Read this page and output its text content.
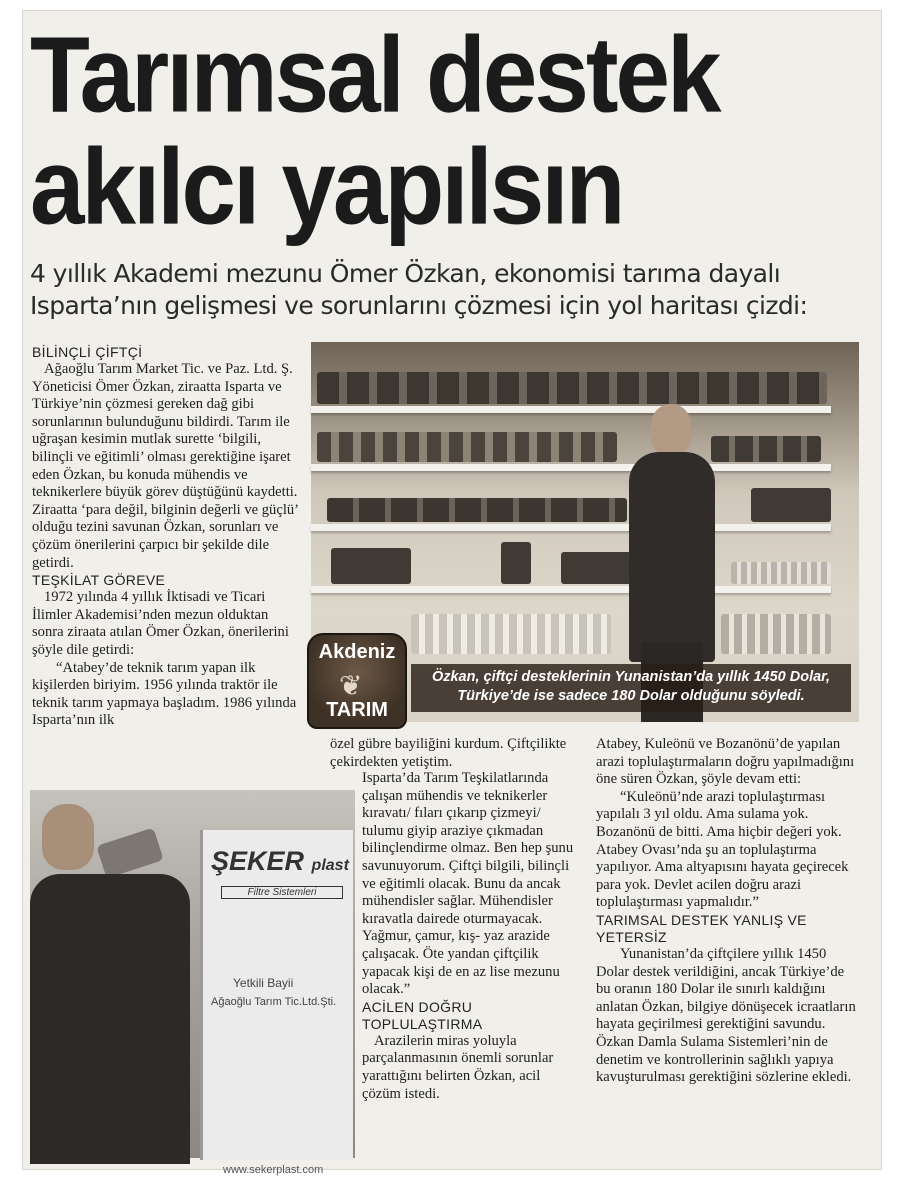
Tarımsal destek
akılcı yapılsın
4 yıllık Akademi mezunu Ömer Özkan, ekonomisi tarıma dayalı
Isparta’nın gelişmesi ve sorunlarını çözmesi için yol haritası çizdi:
BİLİNÇLİ ÇİFTÇİ

Ağaoğlu Tarım Market Tic. ve Paz. Ltd. Ş. Yöneticisi Ömer Özkan, ziraatta Isparta ve Türkiye’nin çözmesi gereken dağ gibi sorunlarının bulunduğunu bildirdi. Tarım ile uğraşan kesimin mutlak surette ‘bilgili, bilinçli ve eğitimli’ olması gerektiğine işaret eden Özkan, bu konuda mühendis ve teknikerlere büyük görev düştüğünü kaydetti. Ziraatta ‘para değil, bilginin değerli ve güçlü’ olduğu tezini savunan Özkan, sorunları ve çözüm önerilerini çarpıcı bir şekilde dile getirdi.

TEŞKİLAT GÖREVE

1972 yılında 4 yıllık İktisadi ve Ticari İlimler Akademisi’nden mezun olduktan sonra ziraata atılan Ömer Özkan, önerilerini şöyle dile getirdi:

“Atabey’de teknik tarım yapan ilk kişilerden biriyim. 1956 yılında traktör ile teknik tarım yapmaya başladım. 1986 yılında Isparta’nın ilk

Özkan, çiftçi desteklerinin Yunanistan’da yıllık 1450 Dolar,
Türkiye’de ise sadece 180 Dolar olduğunu söyledi.
Akdeniz
❦
TARIM
ŞEKER plast
Filtre Sistemleri
Yetkili Bayii
Ağaoğlu Tarım Tic.Ltd.Şti.
www.sekerplast.com

özel gübre bayiliğini kurdum. Çiftçilikte çekirdekten yetiştim.

Isparta’da Tarım Teşkilatlarında çalışan mühendis ve teknikerler kıravatı/ fıları çıkarıp çizmeyi/ tulumu giyip araziye çıkmadan bilinçlendirme olmaz. Ben hep şunu savunuyorum. Çiftçi bilgili, bilinçli ve eğitimli olacak. Bunu da ancak mühendisler sağlar. Mühendisler kıravatla dairede oturmayacak. Yağmur, çamur, kış- yaz arazide çalışacak. Öte yandan çiftçilik yapacak kişi de en az lise mezunu olacak.”

ACİLEN DOĞRU TOPLULAŞTIRMA

Arazilerin miras yoluyla parçalanmasının önemli sorunlar yarattığını belirten Özkan, acil çözüm istedi.

Atabey, Kuleönü ve Bozanönü’de yapılan arazi toplulaştırmaların doğru yapılmadığını öne süren Özkan, şöyle devam etti:

“Kuleönü’nde arazi toplulaştırması yapılalı 3 yıl oldu. Ama sulama yok. Bozanönü de bitti. Ama hiçbir değeri yok. Atabey Ovası’nda şu an toplulaştırma yapılıyor. Ama altyapısını hayata geçirecek para yok. Devlet acilen doğru arazi toplulaştırması yapmalıdır.”

TARIMSAL DESTEK YANLIŞ VE YETERSİZ

Yunanistan’da çiftçilere yıllık 1450 Dolar destek verildiğini, ancak Türkiye’de bu oranın 180 Dolar ile sınırlı kaldığını anlatan Özkan, bilgiye dönüşecek icraatların hayata geçirilmesi gerektiğini savundu. Özkan Damla Sulama Sistemleri’nin de denetim ve kontrollerinin sağlıklı yapıya kavuşturulması gerektiğini sözlerine ekledi.
